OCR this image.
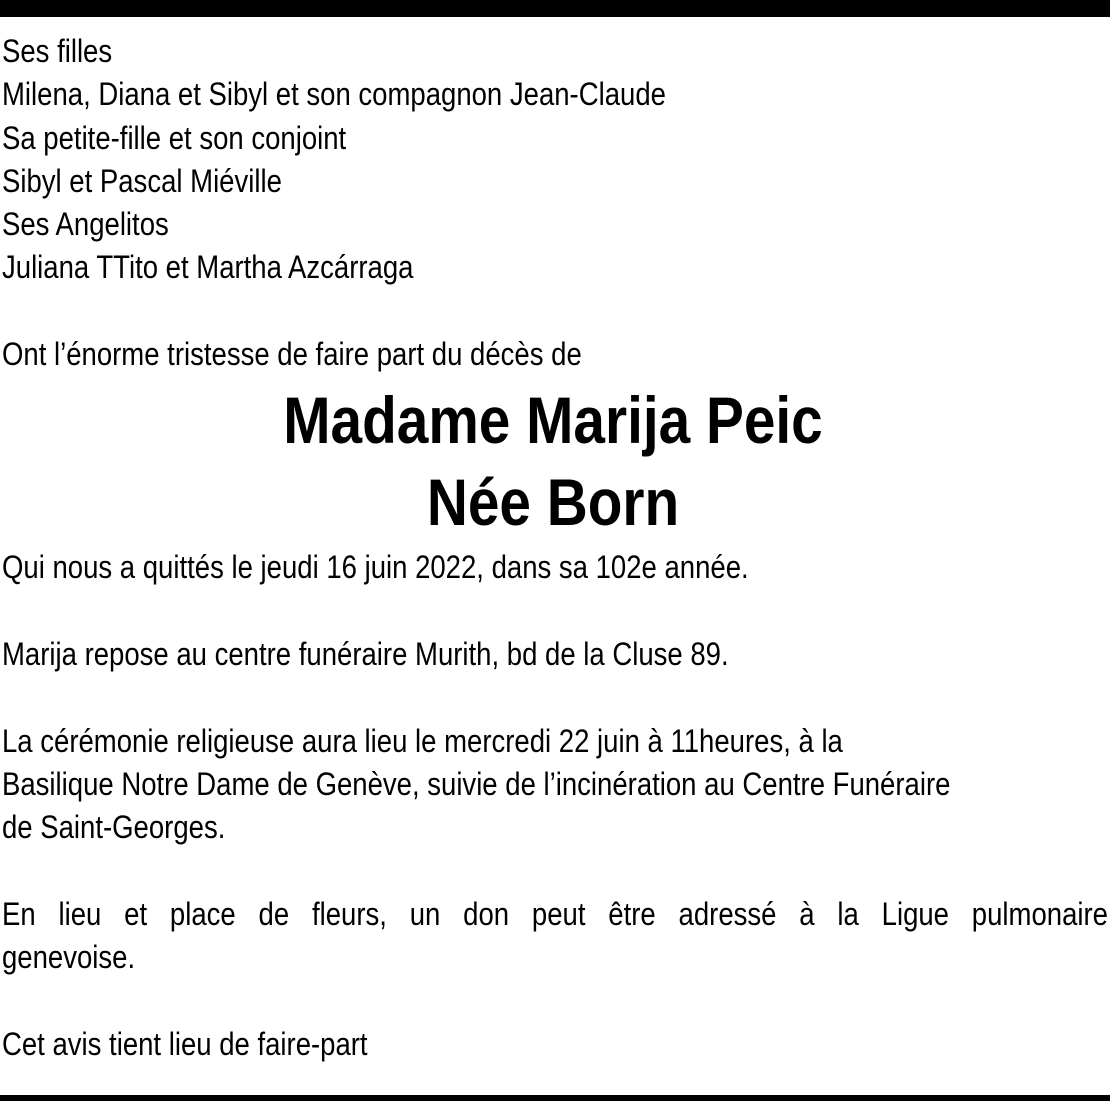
Ses filles
Milena, Diana et Sibyl et son compagnon Jean-Claude
Sa petite-fille et son conjoint
Sibyl et Pascal Miéville
Ses Angelitos
Juliana TTito et Martha Azcárraga
Ont l’énorme tristesse de faire part du décès de
Madame Marija Peic
Née Born
Qui nous a quittés le jeudi 16 juin 2022, dans sa 102e année.
Marija repose au centre funéraire Murith, bd de la Cluse 89.
La cérémonie religieuse aura lieu le mercredi 22 juin à 11heures, à la
Basilique Notre Dame de Genève, suivie de l’incinération au Centre Funéraire
de Saint-Georges.
En lieu et place de fleurs, un don peut être adressé à la Ligue pulmonaire
genevoise.
Cet avis tient lieu de faire-part
